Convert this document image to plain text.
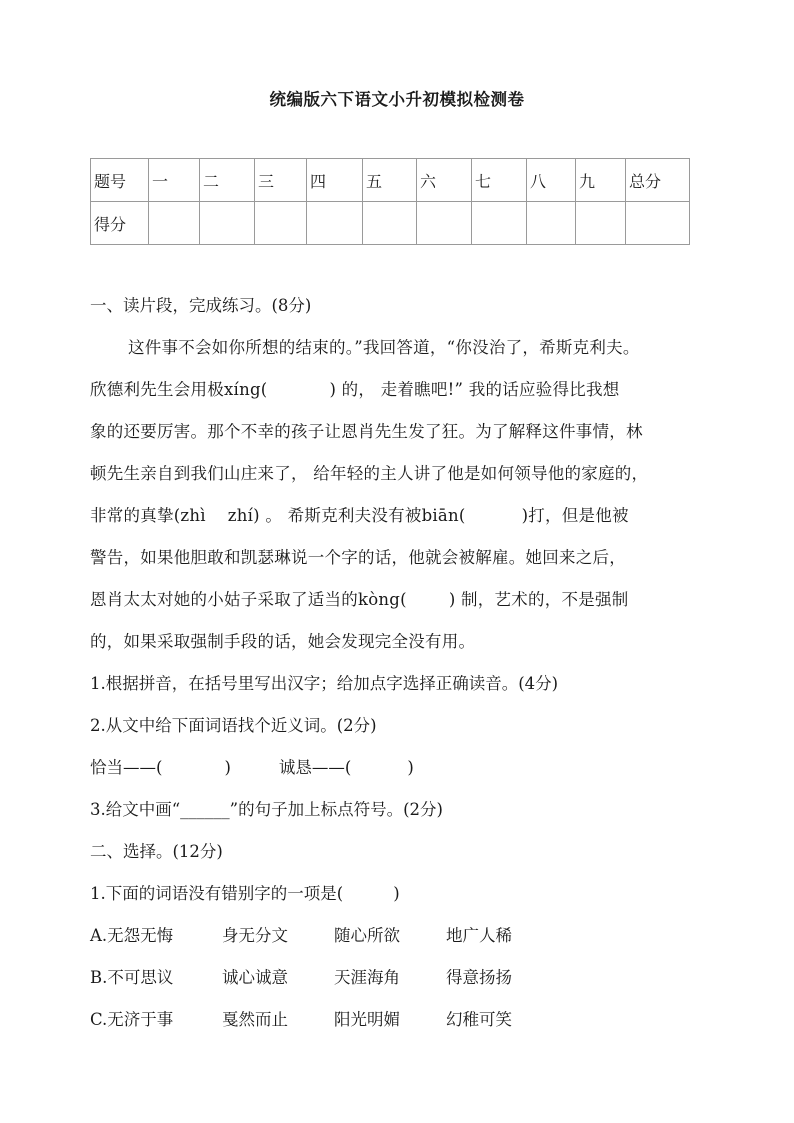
统编版六下语文小升初模拟检测卷
题号	一	二	三	四	五	六	七	八	九	总分
得分										
一、读片段，完成练习。(8分)
这件事不会如你所想的结束的。”我回答道，“你没治了，希斯克利夫。
欣德利先生会用极xíng(	) 的， 走着瞧吧!” 我的话应验得比我想
象的还要厉害。那个不幸的孩子让恩肖先生发了狂。为了解释这件事情，林
顿先生亲自到我们山庄来了， 给年轻的主人讲了他是如何领导他的家庭的，
非常的真挚(zhì zhí) 。 希斯克利夫没有被biān(	)打，但是他被
警告，如果他胆敢和凯瑟琳说一个字的话，他就会被解雇。她回来之后，
恩肖太太对她的小姑子采取了适当的kòng(	) 制，艺术的，不是强制
的，如果采取强制手段的话，她会发现完全没有用。
1.根据拼音，在括号里写出汉字；给加点字选择正确读音。(4分)
2.从文中给下面词语找个近义词。(2分)
恰当——(	)	诚恳——(	)
3.给文中画“______”的句子加上标点符号。(2分)
二、选择。(12分)
1.下面的词语没有错别字的一项是(	)
A.无怨无悔	身无分文	随心所欲	地广人稀
B.不可思议	诚心诚意	天涯海角	得意扬扬
C.无济于事	戛然而止	阳光明媚	幻稚可笑
